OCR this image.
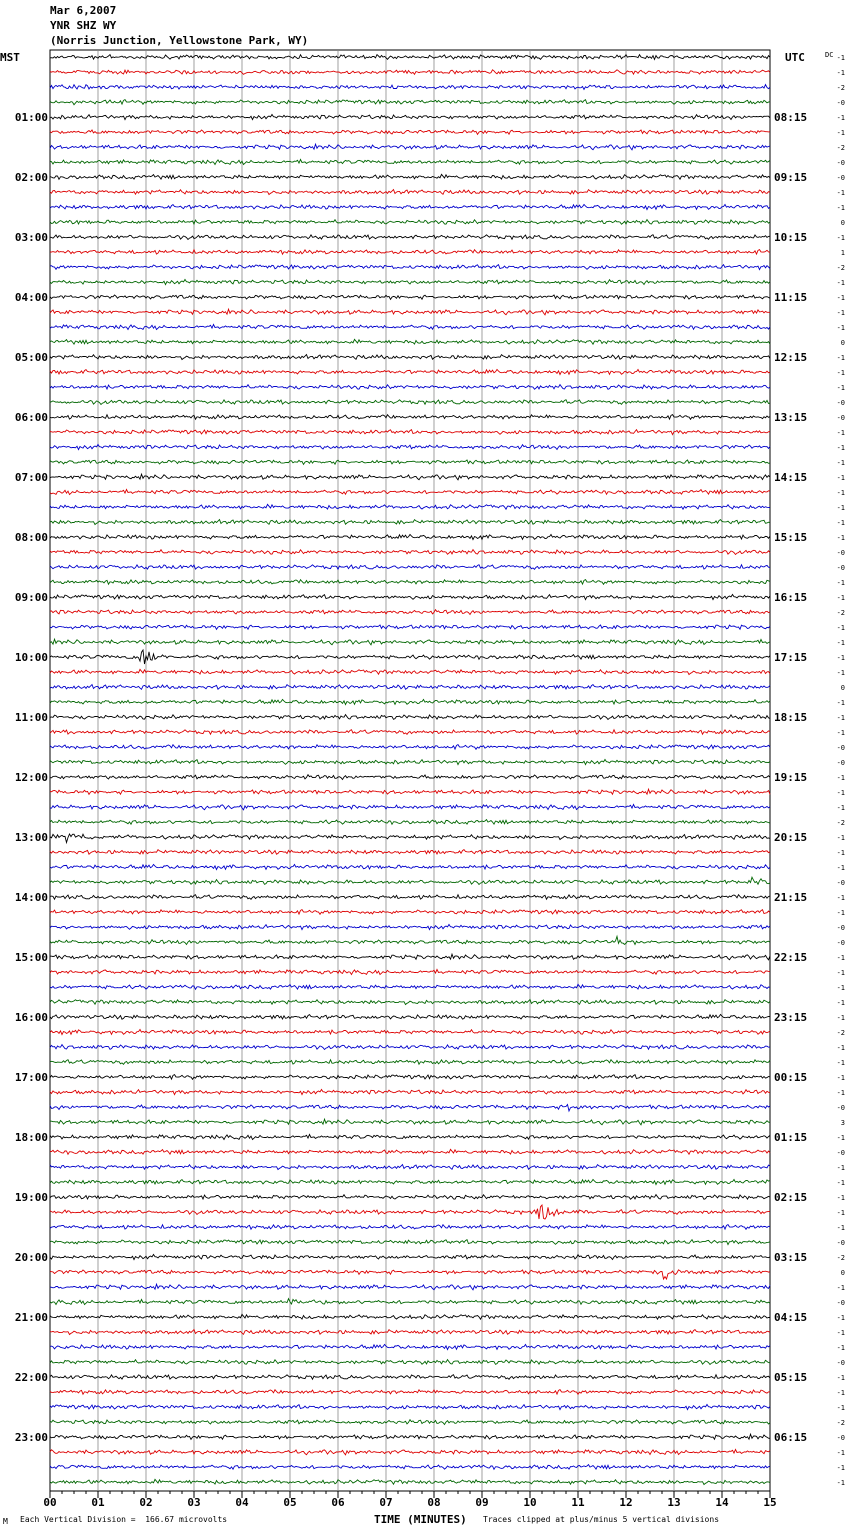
Mar 6,2007
YNR SHZ WY
(Norris Junction, Yellowstone Park, WY)
00	01	02	03	04	05	06	07	08	09	10	11	12	13	14	15
MST	UTC	DC -1
-1
-2
-0
-1
01:00	08:15
-1
-2
-0
-0
02:00	09:15
-1
-1
0
-1
03:00	10:15
1
-2
-1
-1
04:00	11:15
-1
-1
0
-1
05:00	12:15
-1
-1
-0
-0
06:00	13:15
-1
-1
-1
-1
07:00	14:15
-1
-1
-1
-1
08:00	15:15
-0
-0
-1
-1
09:00	16:15
-2
-1
-1
-1
10:00	17:15
-1
0
-1
-1
11:00	18:15
-1
-0
-0
-1
12:00	19:15
-1
-1
-2
-1
13:00	20:15
-1
-1
-0
-1
14:00	21:15
-1
-0
-0
-1
15:00	22:15
-1
-1
-1
-1
16:00	23:15
-2
-1
-1
-1
17:00	00:15
-1
-0
3
-1
18:00	01:15
-0
-1
-1
-1
19:00	02:15
-1
-1
-0
-2
20:00	03:15
0
-1
-0
-1
21:00	04:15
-1
-1
-0
-1
22:00	05:15
-1
-1
-2
-0
23:00	06:15
-1
-1
-1
M Each Vertical Division =  166.67 microvolts	TIME (MINUTES) Traces clipped at plus/minus 5 vertical divisions
